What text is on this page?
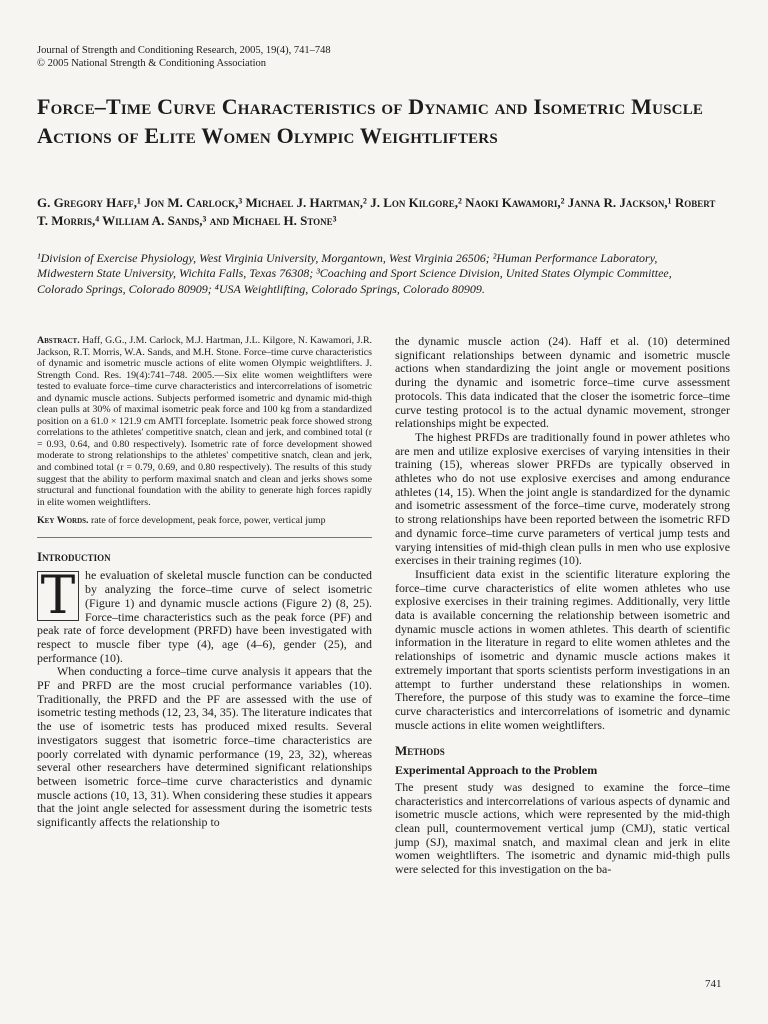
Journal of Strength and Conditioning Research, 2005, 19(4), 741–748
© 2005 National Strength & Conditioning Association
Force–Time Curve Characteristics of Dynamic and Isometric Muscle Actions of Elite Women Olympic Weightlifters
G. Gregory Haff,¹ Jon M. Carlock,³ Michael J. Hartman,² J. Lon Kilgore,² Naoki Kawamori,² Janna R. Jackson,¹ Robert T. Morris,⁴ William A. Sands,³ and Michael H. Stone³
¹Division of Exercise Physiology, West Virginia University, Morgantown, West Virginia 26506; ²Human Performance Laboratory, Midwestern State University, Wichita Falls, Texas 76308; ³Coaching and Sport Science Division, United States Olympic Committee, Colorado Springs, Colorado 80909; ⁴USA Weightlifting, Colorado Springs, Colorado 80909.

Abstract. Haff, G.G., J.M. Carlock, M.J. Hartman, J.L. Kilgore, N. Kawamori, J.R. Jackson, R.T. Morris, W.A. Sands, and M.H. Stone. Force–time curve characteristics of dynamic and isometric muscle actions of elite women Olympic weightlifters. J. Strength Cond. Res. 19(4):741–748. 2005.—Six elite women weightlifters were tested to evaluate force–time curve characteristics and intercorrelations of isometric and dynamic muscle actions. Subjects performed isometric and dynamic mid-thigh clean pulls at 30% of maximal isometric peak force and 100 kg from a standardized position on a 61.0 × 121.9 cm AMTI forceplate. Isometric peak force showed strong correlations to the athletes' competitive snatch, clean and jerk, and combined total (r = 0.93, 0.64, and 0.80 respectively). Isometric rate of force development showed moderate to strong relationships to the athletes' competitive snatch, clean and jerk, and combined total (r = 0.79, 0.69, and 0.80 respectively). The results of this study suggest that the ability to perform maximal snatch and clean and jerks shows some structural and functional foundation with the ability to generate high forces rapidly in elite women weightlifters.

Key Words. rate of force development, peak force, power, vertical jump

Introduction

T he evaluation of skeletal muscle function can be conducted by analyzing the force–time curve of select isometric (Figure 1) and dynamic muscle actions (Figure 2) (8, 25). Force–time characteristics such as the peak force (PF) and peak rate of force development (PRFD) have been investigated with respect to muscle fiber type (4), age (4–6), gender (25), and performance (10).

When conducting a force–time curve analysis it appears that the PF and PRFD are the most crucial performance variables (10). Traditionally, the PRFD and the PF are assessed with the use of isometric testing methods (12, 23, 34, 35). The literature indicates that the use of isometric tests has produced mixed results. Several investigators suggest that isometric force–time characteristics are poorly correlated with dynamic performance (19, 23, 32), whereas several other researchers have determined significant relationships between isometric force–time curve characteristics and dynamic muscle actions (10, 13, 31). When considering these studies it appears that the joint angle selected for assessment during the isometric tests significantly affects the relationship to

the dynamic muscle action (24). Haff et al. (10) determined significant relationships between dynamic and isometric muscle actions when standardizing the joint angle or movement positions during the dynamic and isometric force–time curve assessment protocols. This data indicated that the closer the isometric force–time curve testing protocol is to the actual dynamic movement, stronger relationships might be expected.

The highest PRFDs are traditionally found in power athletes who are men and utilize explosive exercises of varying intensities in their training (15), whereas slower PRFDs are typically observed in athletes who do not use explosive exercises and among endurance athletes (14, 15). When the joint angle is standardized for the dynamic and isometric assessment of the force–time curve, moderately strong to strong relationships have been reported between the isometric RFD and dynamic force–time curve parameters of vertical jump tests and varying intensities of mid-thigh clean pulls in men who use explosive exercises in their training regimes (10).

Insufficient data exist in the scientific literature exploring the force–time curve characteristics of elite women athletes who use explosive exercises in their training regimes. Additionally, very little data is available concerning the relationship between isometric and dynamic muscle actions in women athletes. This dearth of scientific information in the literature in regard to elite women athletes and the relationships of isometric and dynamic muscle actions makes it extremely important that sports scientists perform investigations in an attempt to further understand these relationships in women. Therefore, the purpose of this study was to examine the force–time curve characteristics and intercorrelations of isometric and dynamic muscle actions in elite women weightlifters.

Methods
Experimental Approach to the Problem

The present study was designed to examine the force–time characteristics and intercorrelations of various aspects of dynamic and isometric muscle actions, which were represented by the mid-thigh clean pull, countermovement vertical jump (CMJ), static vertical jump (SJ), maximal snatch, and maximal clean and jerk in elite women weightlifters. The isometric and dynamic mid-thigh pulls were selected for this investigation on the ba-

741
